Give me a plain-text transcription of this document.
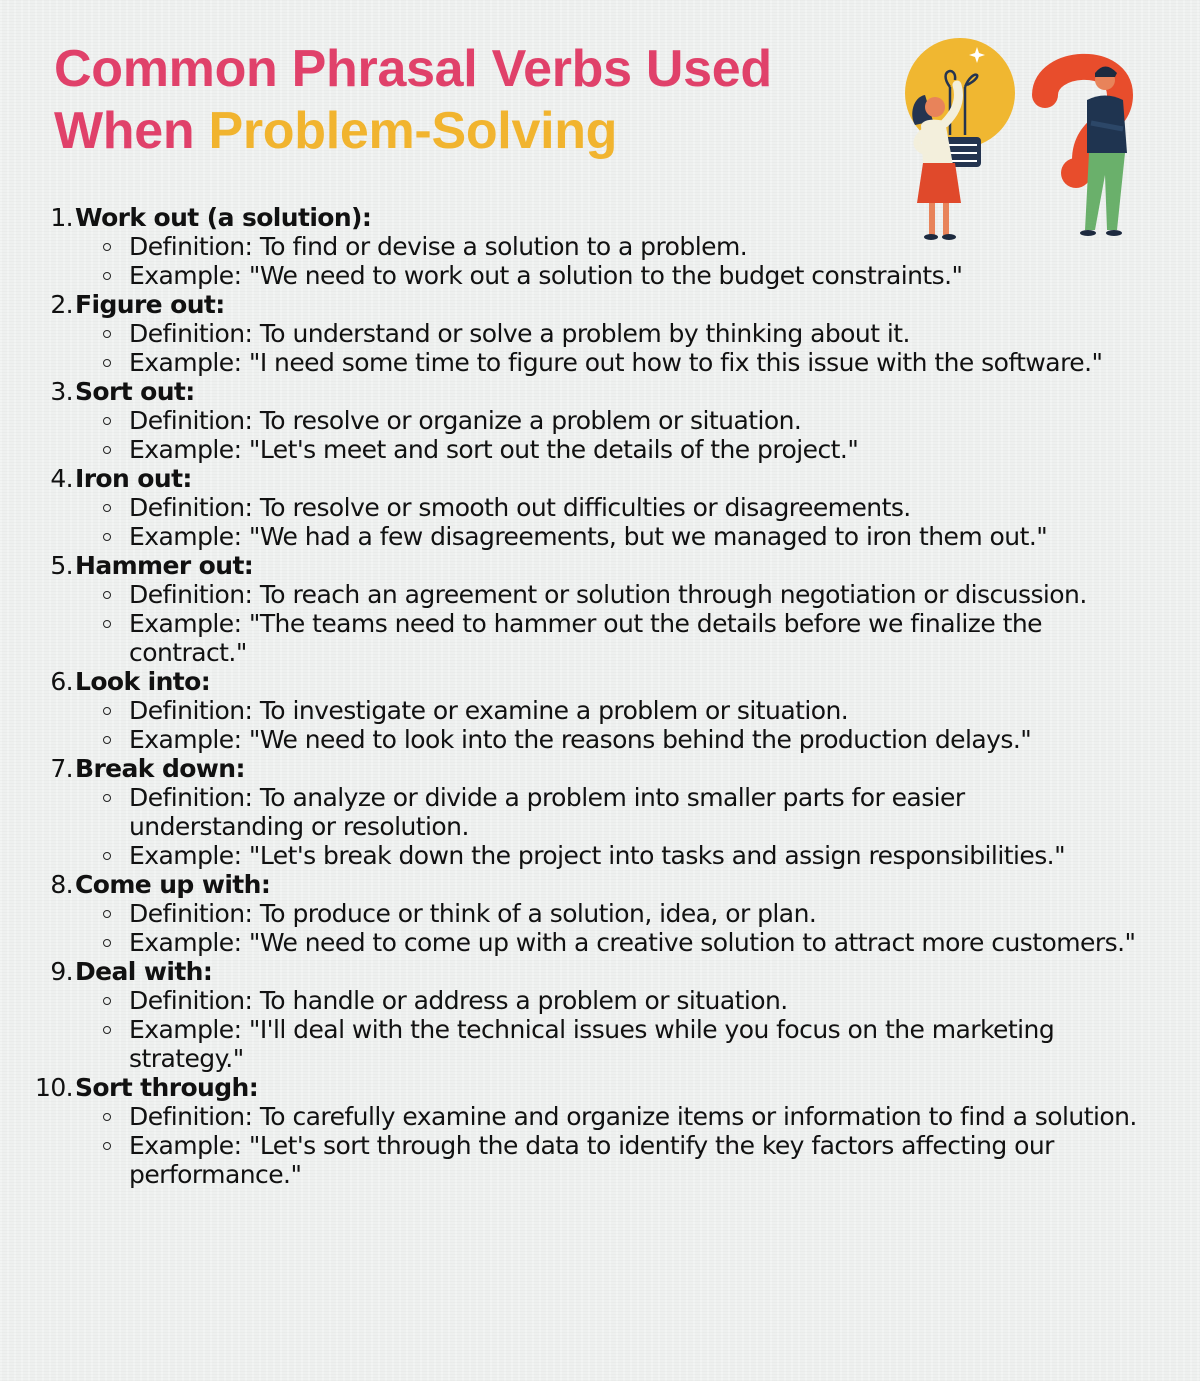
Common Phrasal Verbs Used
When Problem-Solving
1. Work out (a solution):
Definition: To find or devise a solution to a problem.
Example: "We need to work out a solution to the budget constraints."
2. Figure out:
Definition: To understand or solve a problem by thinking about it.
Example: "I need some time to figure out how to fix this issue with the software."
3. Sort out:
Definition: To resolve or organize a problem or situation.
Example: "Let's meet and sort out the details of the project."
4. Iron out:
Definition: To resolve or smooth out difficulties or disagreements.
Example: "We had a few disagreements, but we managed to iron them out."
5. Hammer out:
Definition: To reach an agreement or solution through negotiation or discussion.
Example: "The teams need to hammer out the details before we finalize the contract."
6. Look into:
Definition: To investigate or examine a problem or situation.
Example: "We need to look into the reasons behind the production delays."
7. Break down:
Definition: To analyze or divide a problem into smaller parts for easier understanding or resolution.
Example: "Let's break down the project into tasks and assign responsibilities."
8. Come up with:
Definition: To produce or think of a solution, idea, or plan.
Example: "We need to come up with a creative solution to attract more customers."
9. Deal with:
Definition: To handle or address a problem or situation.
Example: "I'll deal with the technical issues while you focus on the marketing strategy."
10. Sort through:
Definition: To carefully examine and organize items or information to find a solution.
Example: "Let's sort through the data to identify the key factors affecting our performance."
